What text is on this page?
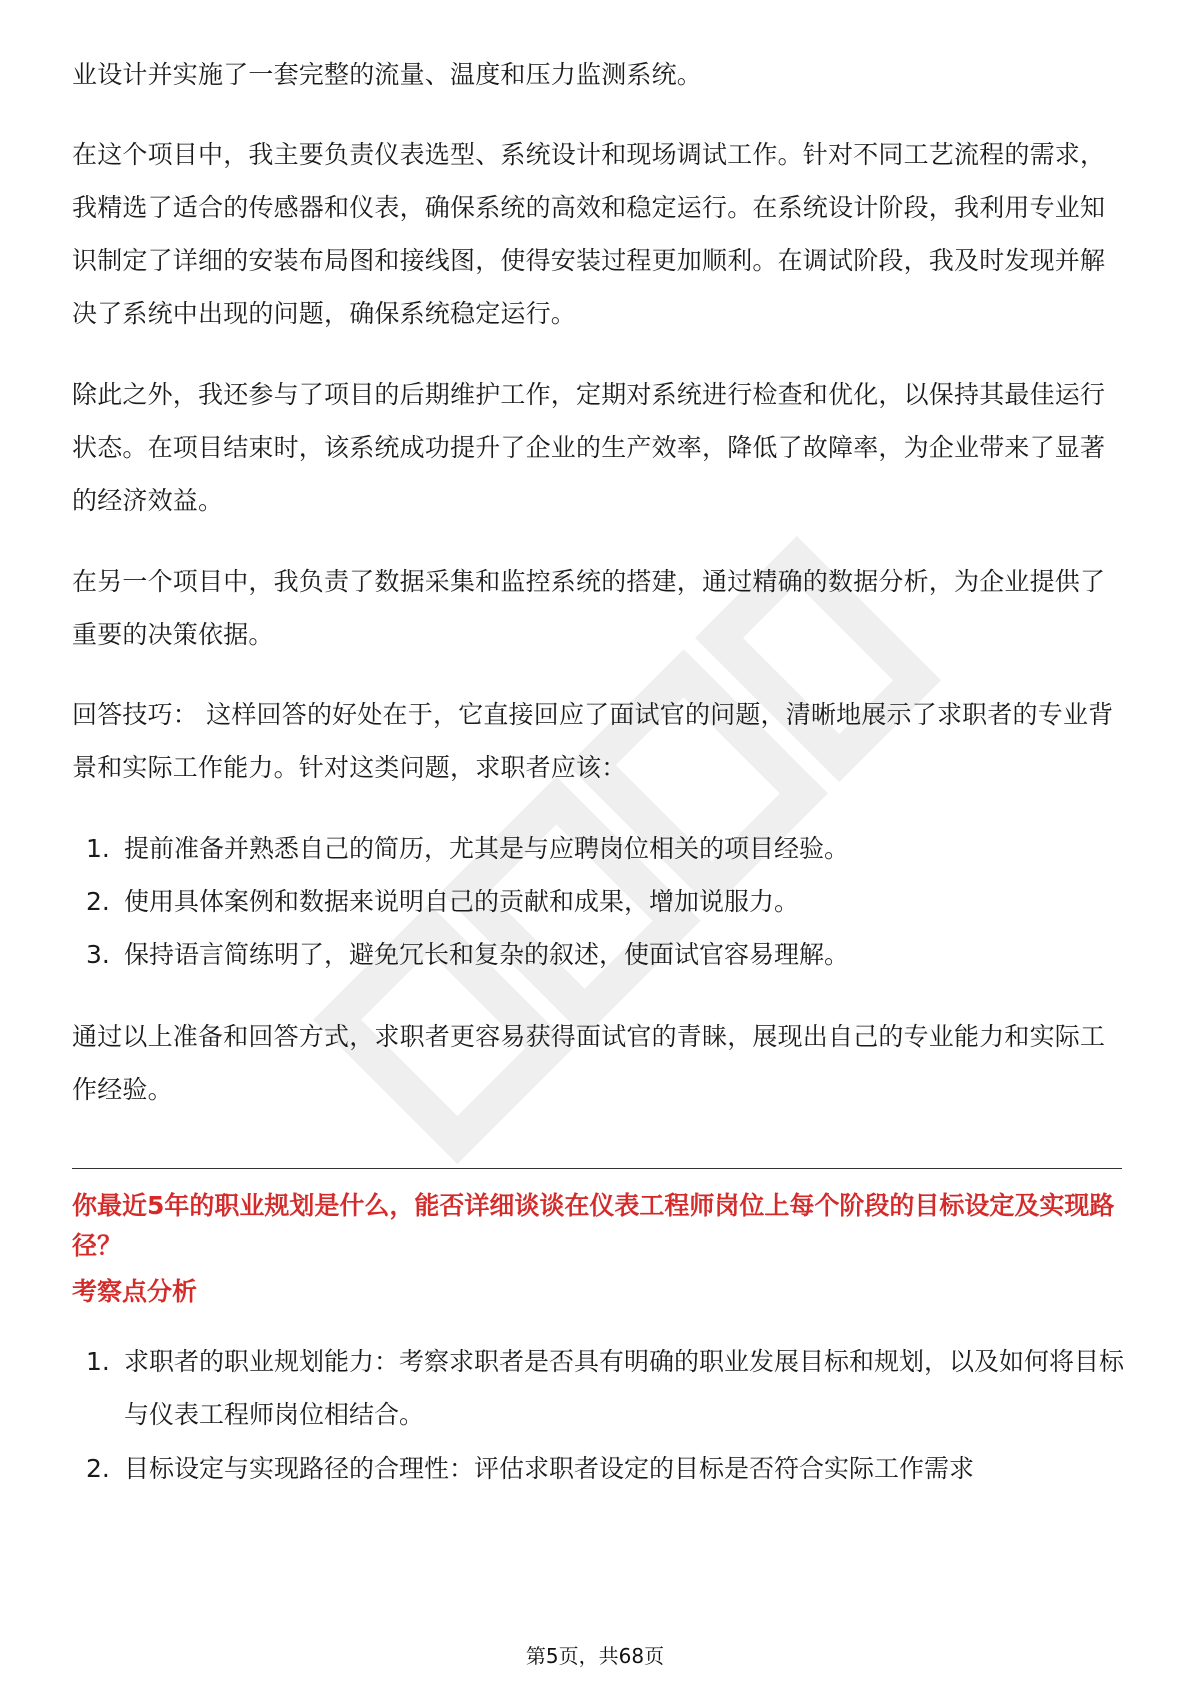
业设计并实施了一套完整的流量、温度和压力监测系统。

在这个项目中，我主要负责仪表选型、系统设计和现场调试工作。针对不同工艺流程的需求，我精选了适合的传感器和仪表，确保系统的高效和稳定运行。在系统设计阶段，我利用专业知识制定了详细的安装布局图和接线图，使得安装过程更加顺利。在调试阶段，我及时发现并解决了系统中出现的问题，确保系统稳定运行。

除此之外，我还参与了项目的后期维护工作，定期对系统进行检查和优化，以保持其最佳运行状态。在项目结束时，该系统成功提升了企业的生产效率，降低了故障率，为企业带来了显著的经济效益。

在另一个项目中，我负责了数据采集和监控系统的搭建，通过精确的数据分析，为企业提供了重要的决策依据。

回答技巧： 这样回答的好处在于，它直接回应了面试官的问题，清晰地展示了求职者的专业背景和实际工作能力。针对这类问题，求职者应该：

1. 提前准备并熟悉自己的简历，尤其是与应聘岗位相关的项目经验。
2. 使用具体案例和数据来说明自己的贡献和成果，增加说服力。
3. 保持语言简练明了，避免冗长和复杂的叙述，使面试官容易理解。

通过以上准备和回答方式，求职者更容易获得面试官的青睐，展现出自己的专业能力和实际工作经验。

你最近5年的职业规划是什么，能否详细谈谈在仪表工程师岗位上每个阶段的目标设定及实现路径？
考察点分析
1. 求职者的职业规划能力：考察求职者是否具有明确的职业发展目标和规划，以及如何将目标与仪表工程师岗位相结合。
2. 目标设定与实现路径的合理性：评估求职者设定的目标是否符合实际工作需求
第5页，共68页
